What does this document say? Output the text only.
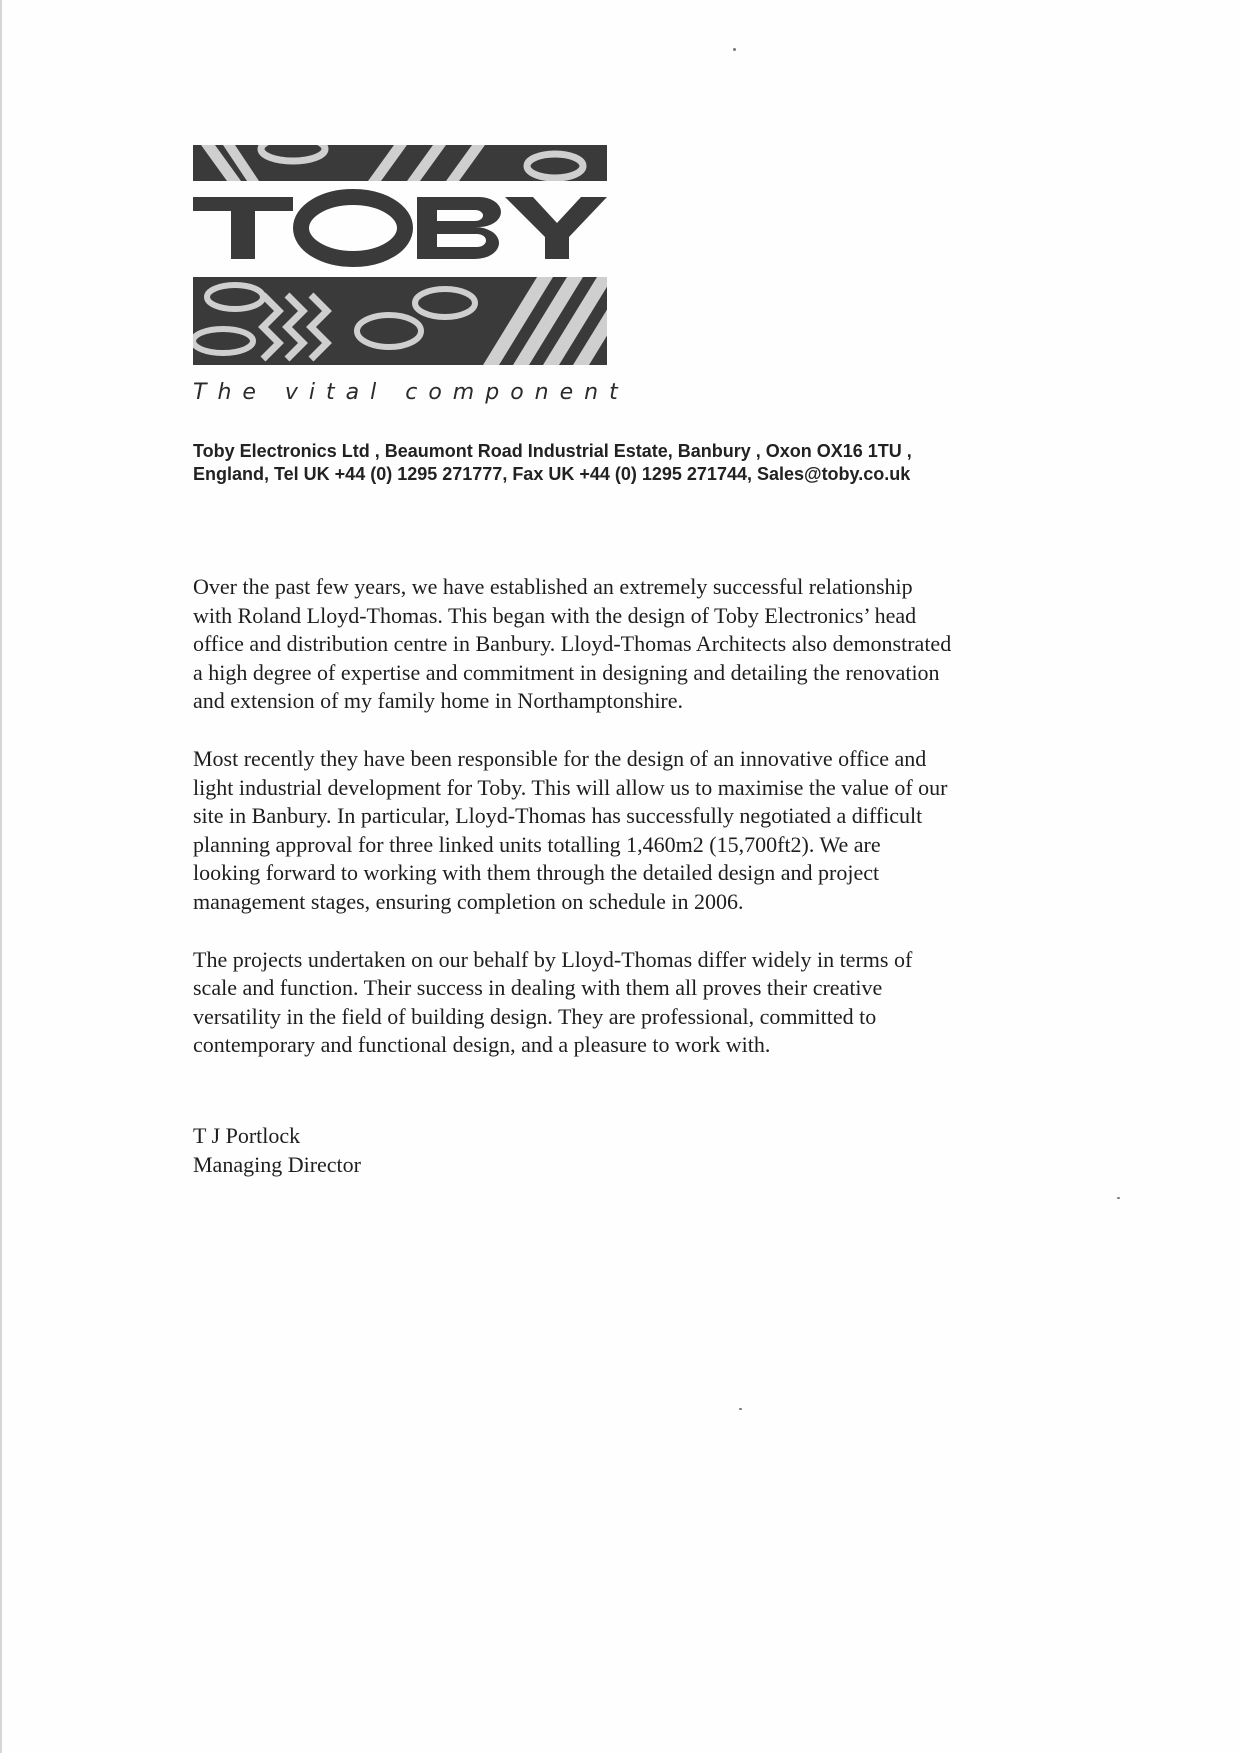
The vital component
Toby Electronics Ltd , Beaumont Road Industrial Estate, Banbury , Oxon OX16 1TU ,
England, Tel UK +44 (0) 1295 271777, Fax UK +44 (0) 1295 271744, Sales@toby.co.uk
Over the past few years, we have established an extremely successful relationship
with Roland Lloyd-Thomas. This began with the design of Toby Electronics’ head
office and distribution centre in Banbury. Lloyd-Thomas Architects also demonstrated
a high degree of expertise and commitment in designing and detailing the renovation
and extension of my family home in Northamptonshire.
Most recently they have been responsible for the design of an innovative office and
light industrial development for Toby. This will allow us to maximise the value of our
site in Banbury. In particular, Lloyd-Thomas has successfully negotiated a difficult
planning approval for three linked units totalling 1,460m2 (15,700ft2). We are
looking forward to working with them through the detailed design and project
management stages, ensuring completion on schedule in 2006.
The projects undertaken on our behalf by Lloyd-Thomas differ widely in terms of
scale and function. Their success in dealing with them all proves their creative
versatility in the field of building design. They are professional, committed to
contemporary and functional design, and a pleasure to work with.
T J Portlock
Managing Director
